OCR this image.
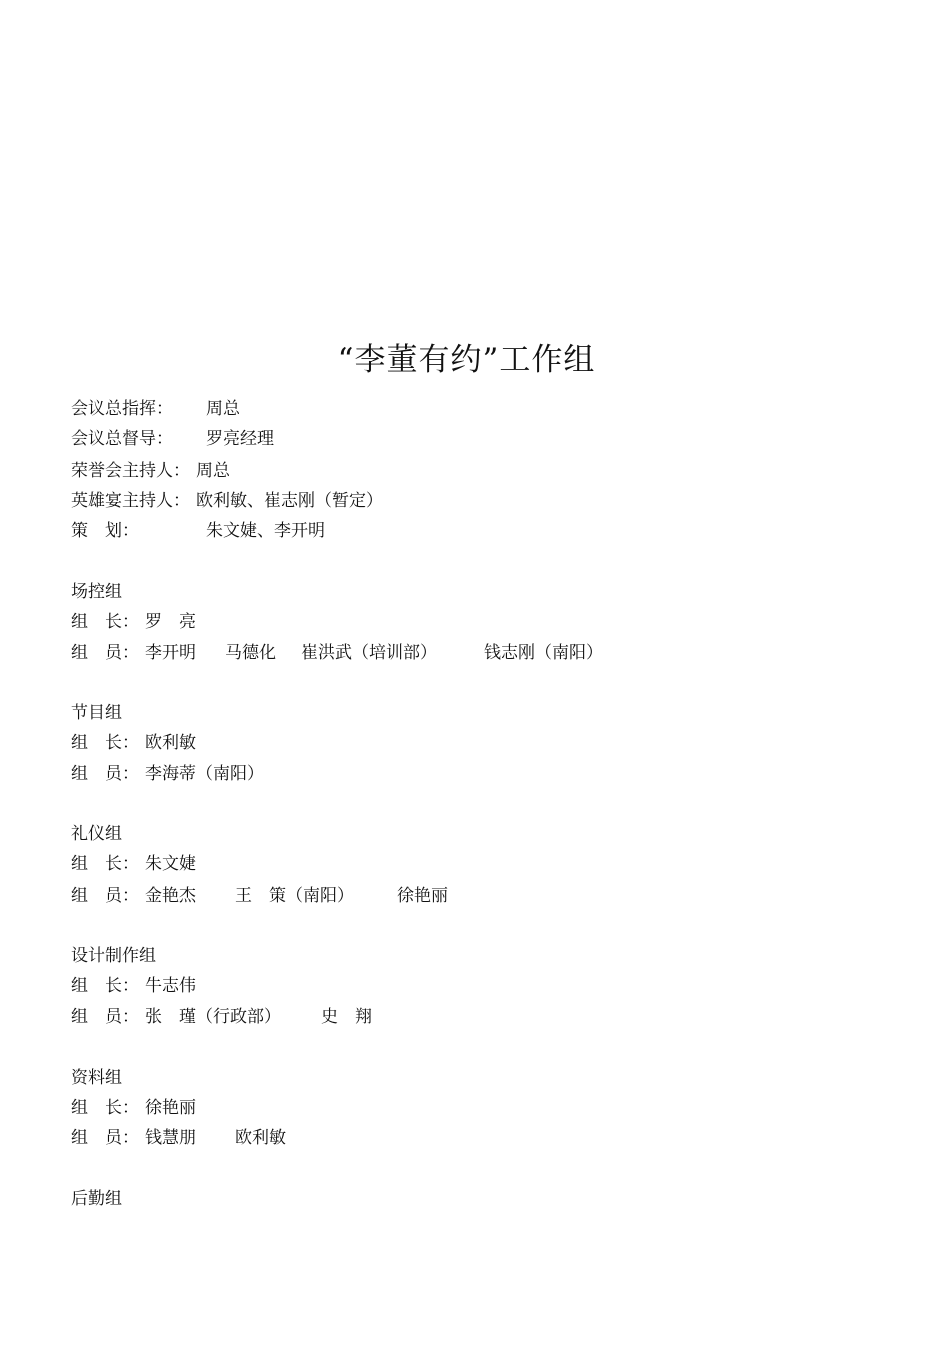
“李董有约”工作组
会议总指挥： 周总
会议总督导： 罗亮经理
荣誉会主持人： 周总
英雄宴主持人： 欧利敏、崔志刚（暂定）
策　划：	朱文婕、李开明
场控组
组　长： 罗　亮
组　员： 李开明 马德化 崔洪武（培训部）	钱志刚（南阳）
节目组
组　长： 欧利敏
组　员： 李海蒂（南阳）
礼仪组
组　长： 朱文婕
组　员： 金艳杰 王　策（南阳）	徐艳丽
设计制作组
组　长： 牛志伟
组　员： 张　瑾（行政部） 史　翔
资料组
组　长： 徐艳丽
组　员： 钱慧朋 欧利敏
后勤组
